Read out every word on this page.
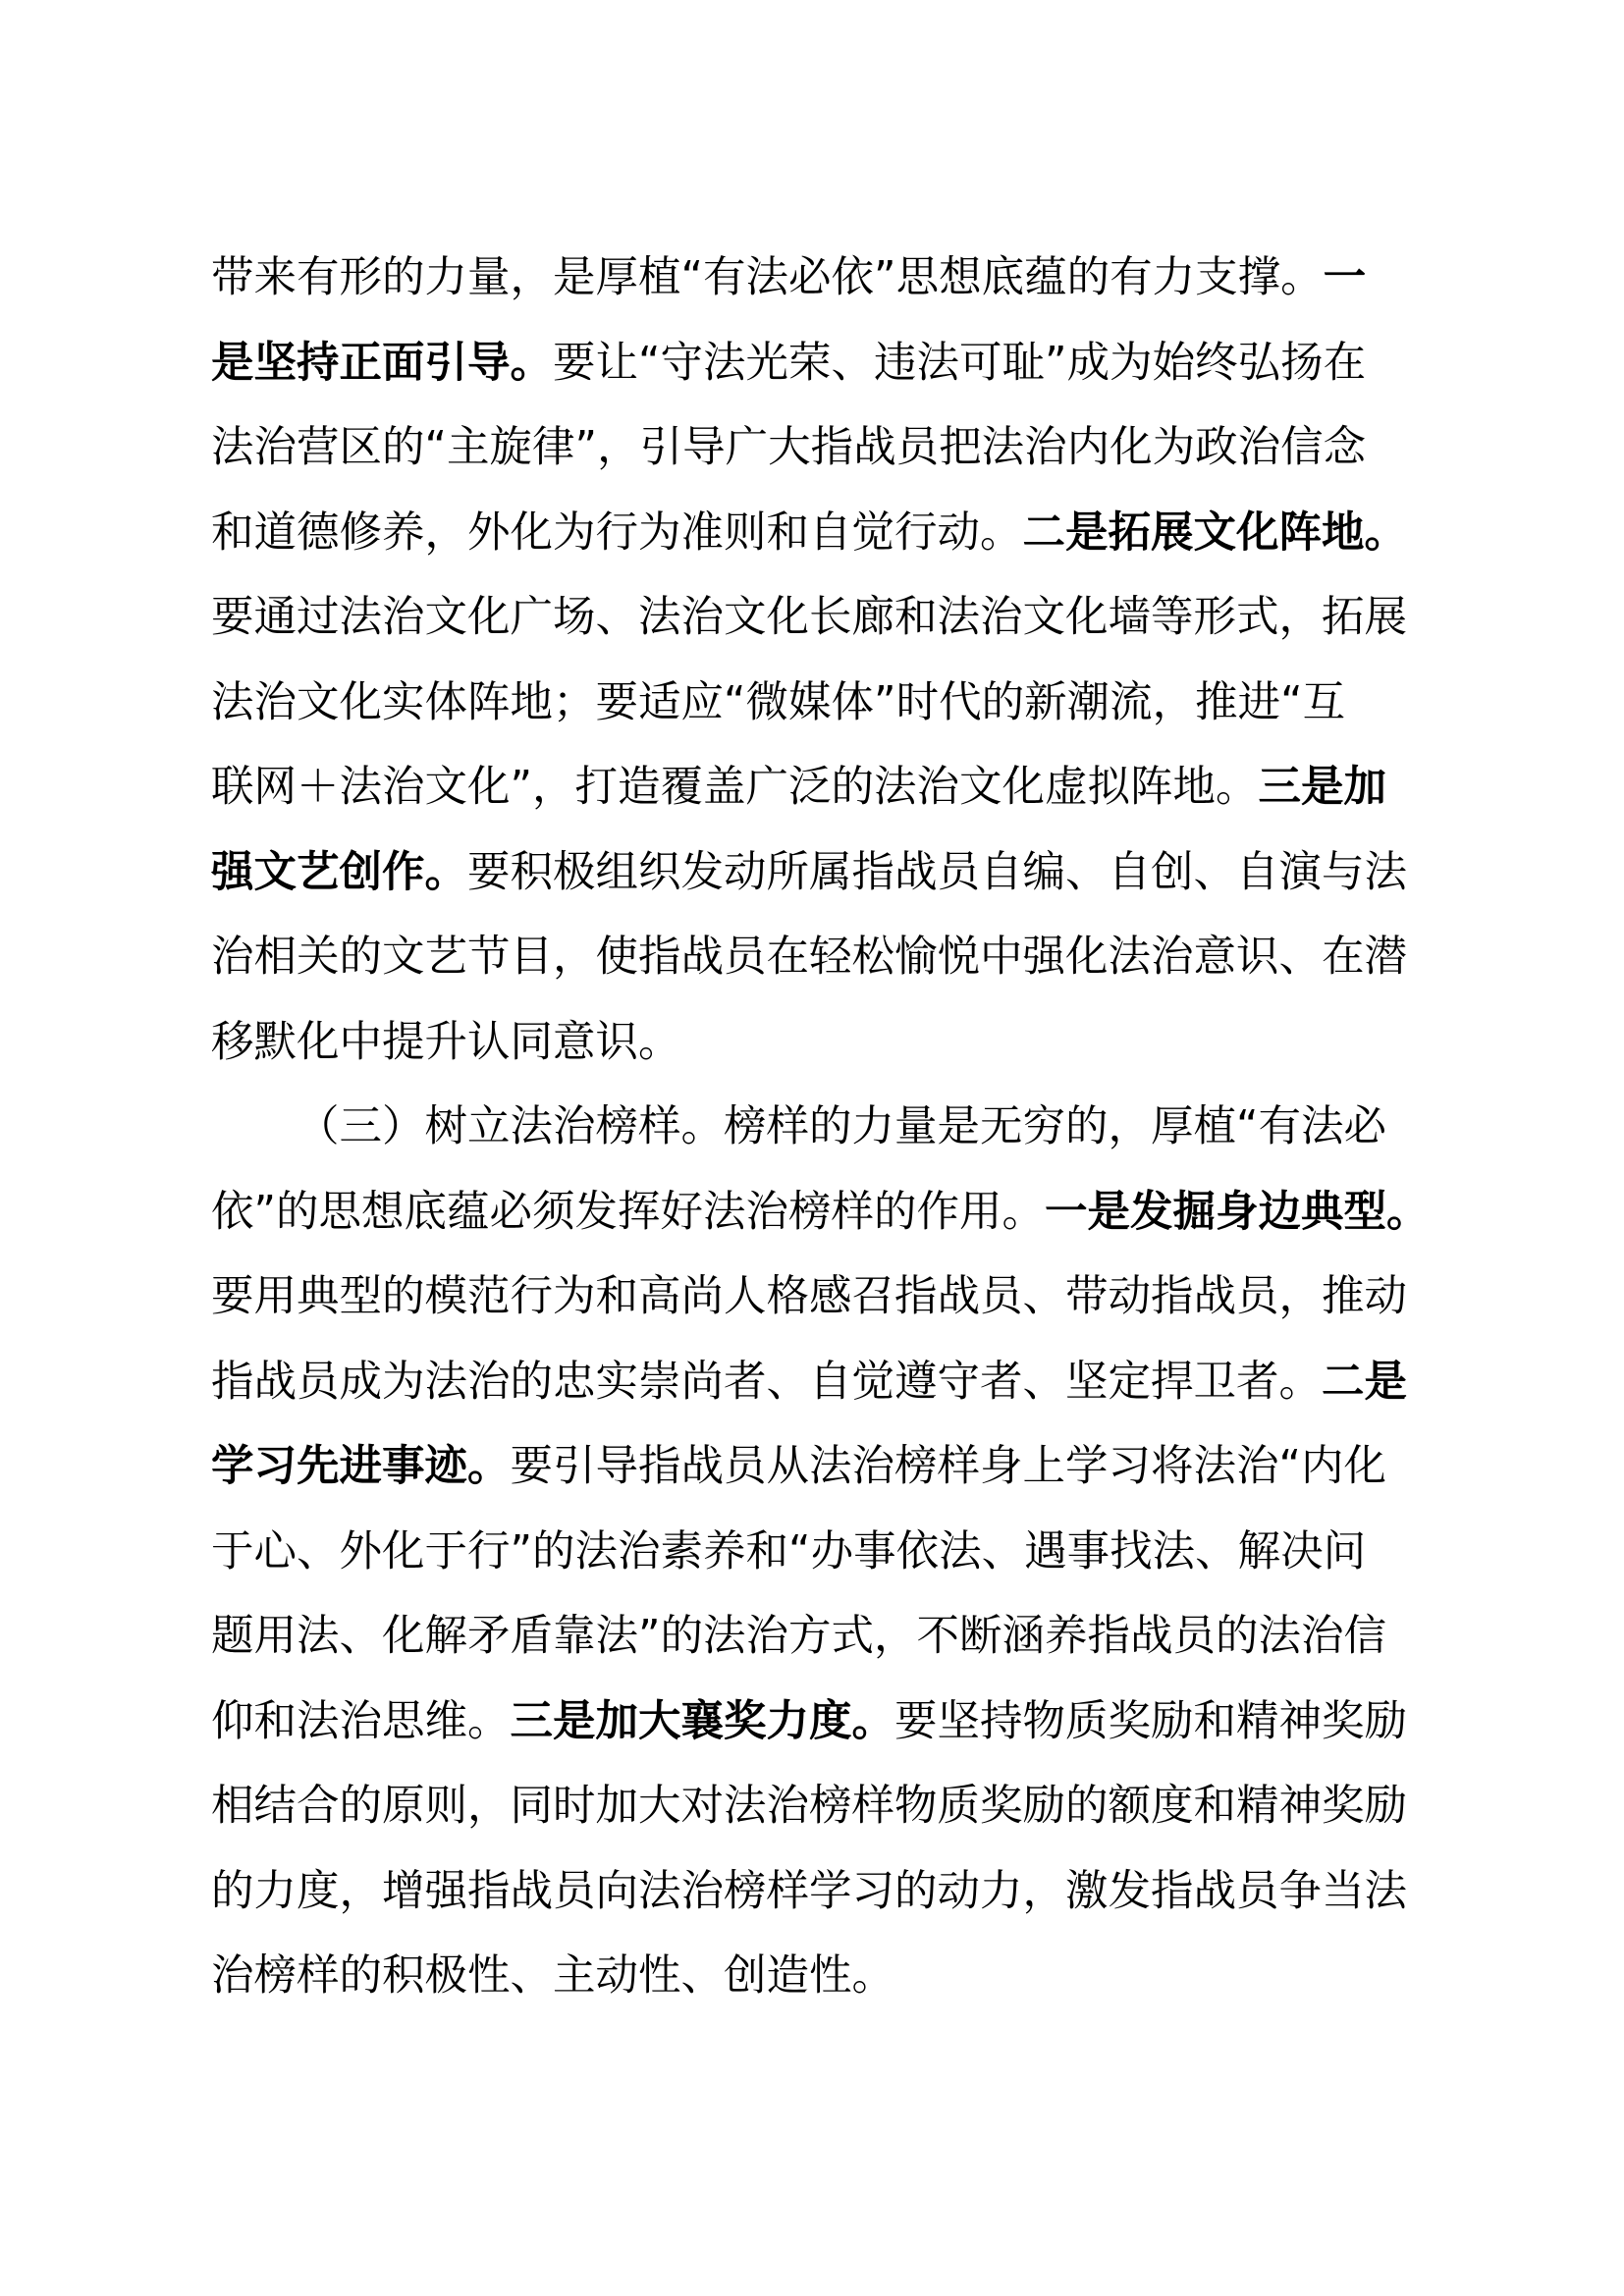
带来有形的力量，是厚植“有法必依”思想底蕴的有力支撑。一
是坚持正面引导。要让“守法光荣、违法可耻”成为始终弘扬在
法治营区的“主旋律”，引导广大指战员把法治内化为政治信念
和道德修养，外化为行为准则和自觉行动。二是拓展文化阵地。
要通过法治文化广场、法治文化长廊和法治文化墙等形式，拓展
法治文化实体阵地；要适应“微媒体”时代的新潮流，推进“互
联网＋法治文化”，打造覆盖广泛的法治文化虚拟阵地。三是加
强文艺创作。要积极组织发动所属指战员自编、自创、自演与法
治相关的文艺节目，使指战员在轻松愉悦中强化法治意识、在潜
移默化中提升认同意识。
（三）树立法治榜样。榜样的力量是无穷的，厚植“有法必
依”的思想底蕴必须发挥好法治榜样的作用。一是发掘身边典型。
要用典型的模范行为和高尚人格感召指战员、带动指战员，推动
指战员成为法治的忠实崇尚者、自觉遵守者、坚定捍卫者。二是
学习先进事迹。要引导指战员从法治榜样身上学习将法治“内化
于心、外化于行”的法治素养和“办事依法、遇事找法、解决问
题用法、化解矛盾靠法”的法治方式，不断涵养指战员的法治信
仰和法治思维。三是加大襄奖力度。要坚持物质奖励和精神奖励
相结合的原则，同时加大对法治榜样物质奖励的额度和精神奖励
的力度，增强指战员向法治榜样学习的动力，激发指战员争当法
治榜样的积极性、主动性、创造性。
